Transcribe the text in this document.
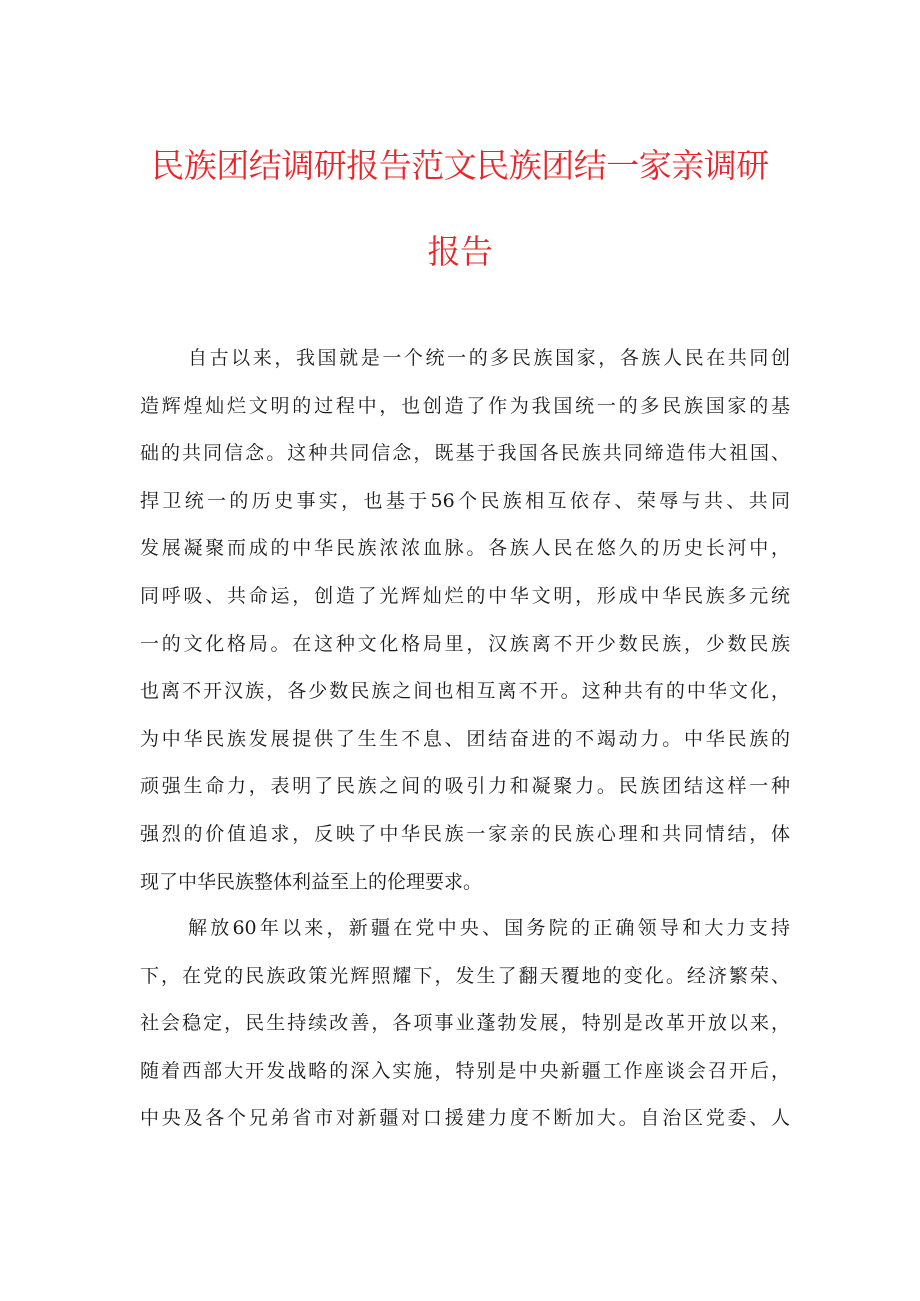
民族团结调研报告范文民族团结一家亲调研
报告
自古以来，我国就是一个统一的多民族国家，各族人民在共同创
造辉煌灿烂文明的过程中，也创造了作为我国统一的多民族国家的基
础的共同信念。这种共同信念，既基于我国各民族共同缔造伟大祖国、
捍卫统一的历史事实，也基于56个民族相互依存、荣辱与共、共同
发展凝聚而成的中华民族浓浓血脉。各族人民在悠久的历史长河中，
同呼吸、共命运，创造了光辉灿烂的中华文明，形成中华民族多元统
一的文化格局。在这种文化格局里，汉族离不开少数民族，少数民族
也离不开汉族，各少数民族之间也相互离不开。这种共有的中华文化，
为中华民族发展提供了生生不息、团结奋进的不竭动力。中华民族的
顽强生命力，表明了民族之间的吸引力和凝聚力。民族团结这样一种
强烈的价值追求，反映了中华民族一家亲的民族心理和共同情结，体
现了中华民族整体利益至上的伦理要求。
解放60年以来，新疆在党中央、国务院的正确领导和大力支持
下，在党的民族政策光辉照耀下，发生了翻天覆地的变化。经济繁荣、
社会稳定，民生持续改善，各项事业蓬勃发展，特别是改革开放以来，
随着西部大开发战略的深入实施，特别是中央新疆工作座谈会召开后，
中央及各个兄弟省市对新疆对口援建力度不断加大。自治区党委、人
